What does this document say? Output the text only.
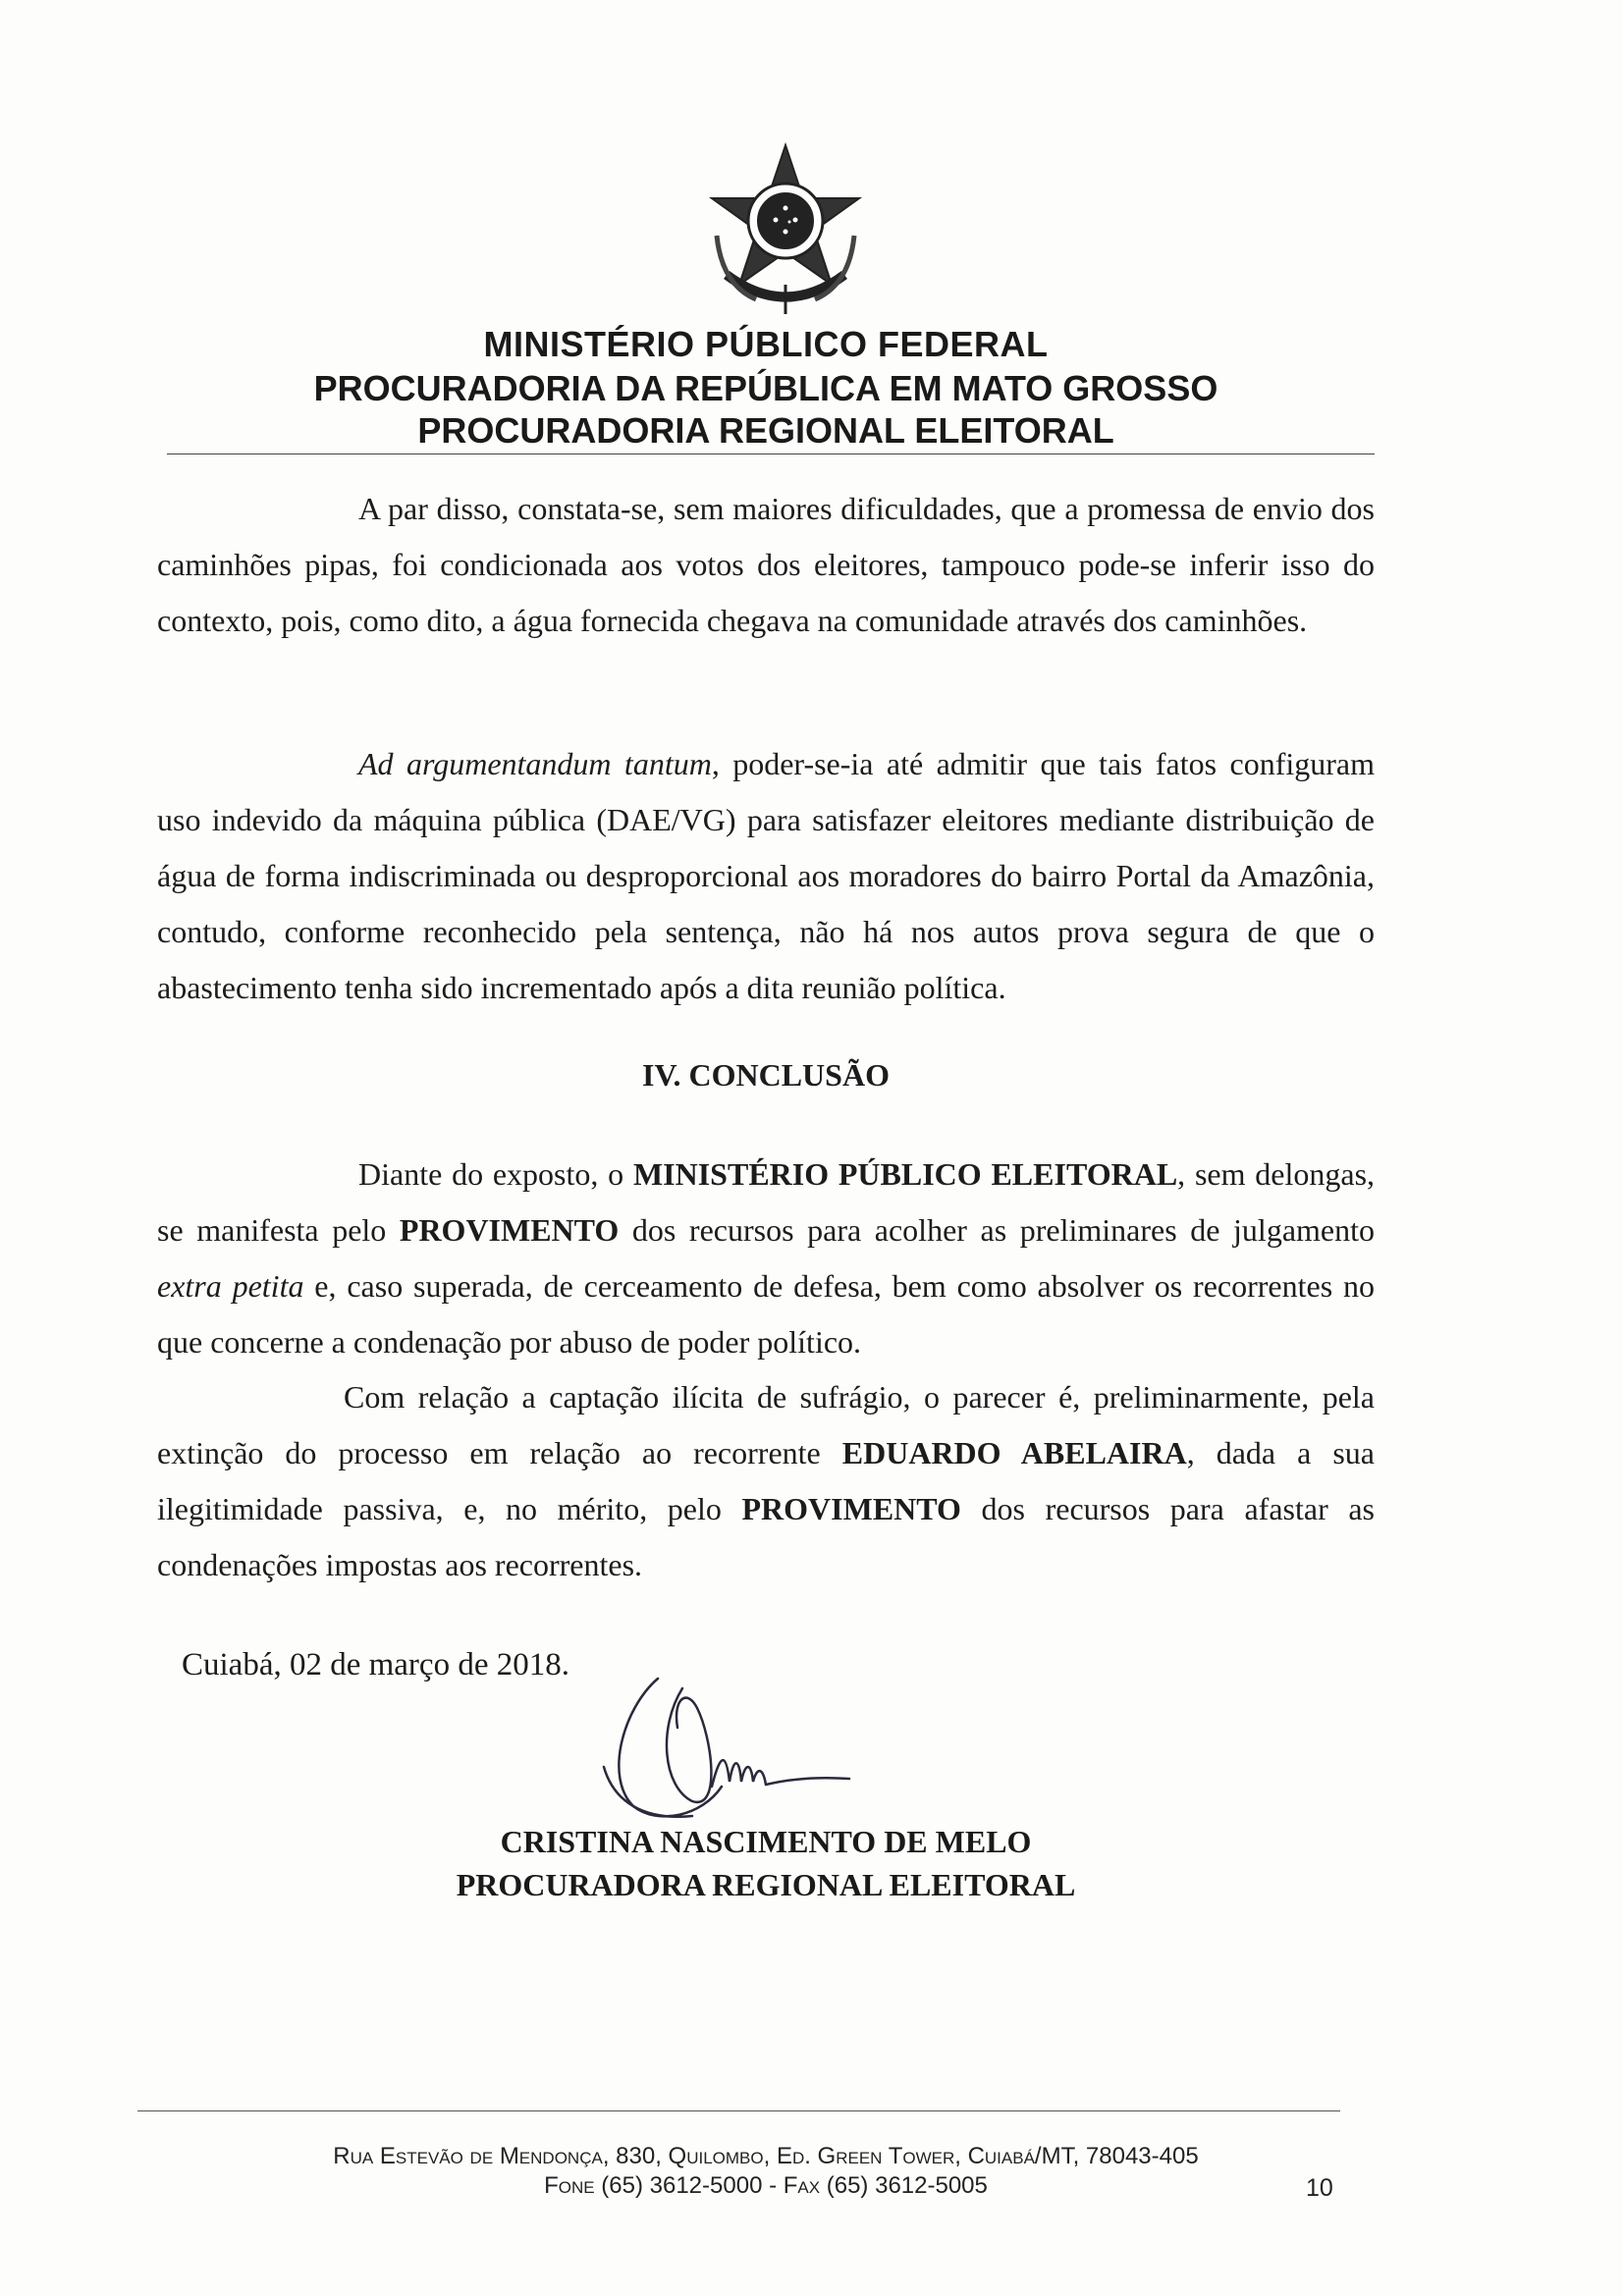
MINISTÉRIO PÚBLICO FEDERAL
PROCURADORIA DA REPÚBLICA EM MATO GROSSO
PROCURADORIA REGIONAL ELEITORAL

A par disso, constata-se, sem maiores dificuldades, que a promessa de envio dos caminhões pipas, foi condicionada aos votos dos eleitores, tampouco pode-se inferir isso do contexto, pois, como dito, a água fornecida chegava na comunidade através dos caminhões.

Ad argumentandum tantum, poder-se-ia até admitir que tais fatos configuram uso indevido da máquina pública (DAE/VG) para satisfazer eleitores mediante distribuição de água de forma indiscriminada ou desproporcional aos moradores do bairro Portal da Amazônia, contudo, conforme reconhecido pela sentença, não há nos autos prova segura de que o abastecimento tenha sido incrementado após a dita reunião política.

IV. CONCLUSÃO

Diante do exposto, o MINISTÉRIO PÚBLICO ELEITORAL, sem delongas, se manifesta pelo PROVIMENTO dos recursos para acolher as preliminares de julgamento extra petita e, caso superada, de cerceamento de defesa, bem como absolver os recorrentes no que concerne a condenação por abuso de poder político.

Com relação a captação ilícita de sufrágio, o parecer é, preliminarmente, pela extinção do processo em relação ao recorrente EDUARDO ABELAIRA, dada a sua ilegitimidade passiva, e, no mérito, pelo PROVIMENTO dos recursos para afastar as condenações impostas aos recorrentes.

Cuiabá, 02 de março de 2018.
CRISTINA NASCIMENTO DE MELO
PROCURADORA REGIONAL ELEITORAL
Rua Estevão de Mendonça, 830, Quilombo, Ed. Green Tower, Cuiabá/MT, 78043-405
Fone (65) 3612-5000 - Fax (65) 3612-5005	10
